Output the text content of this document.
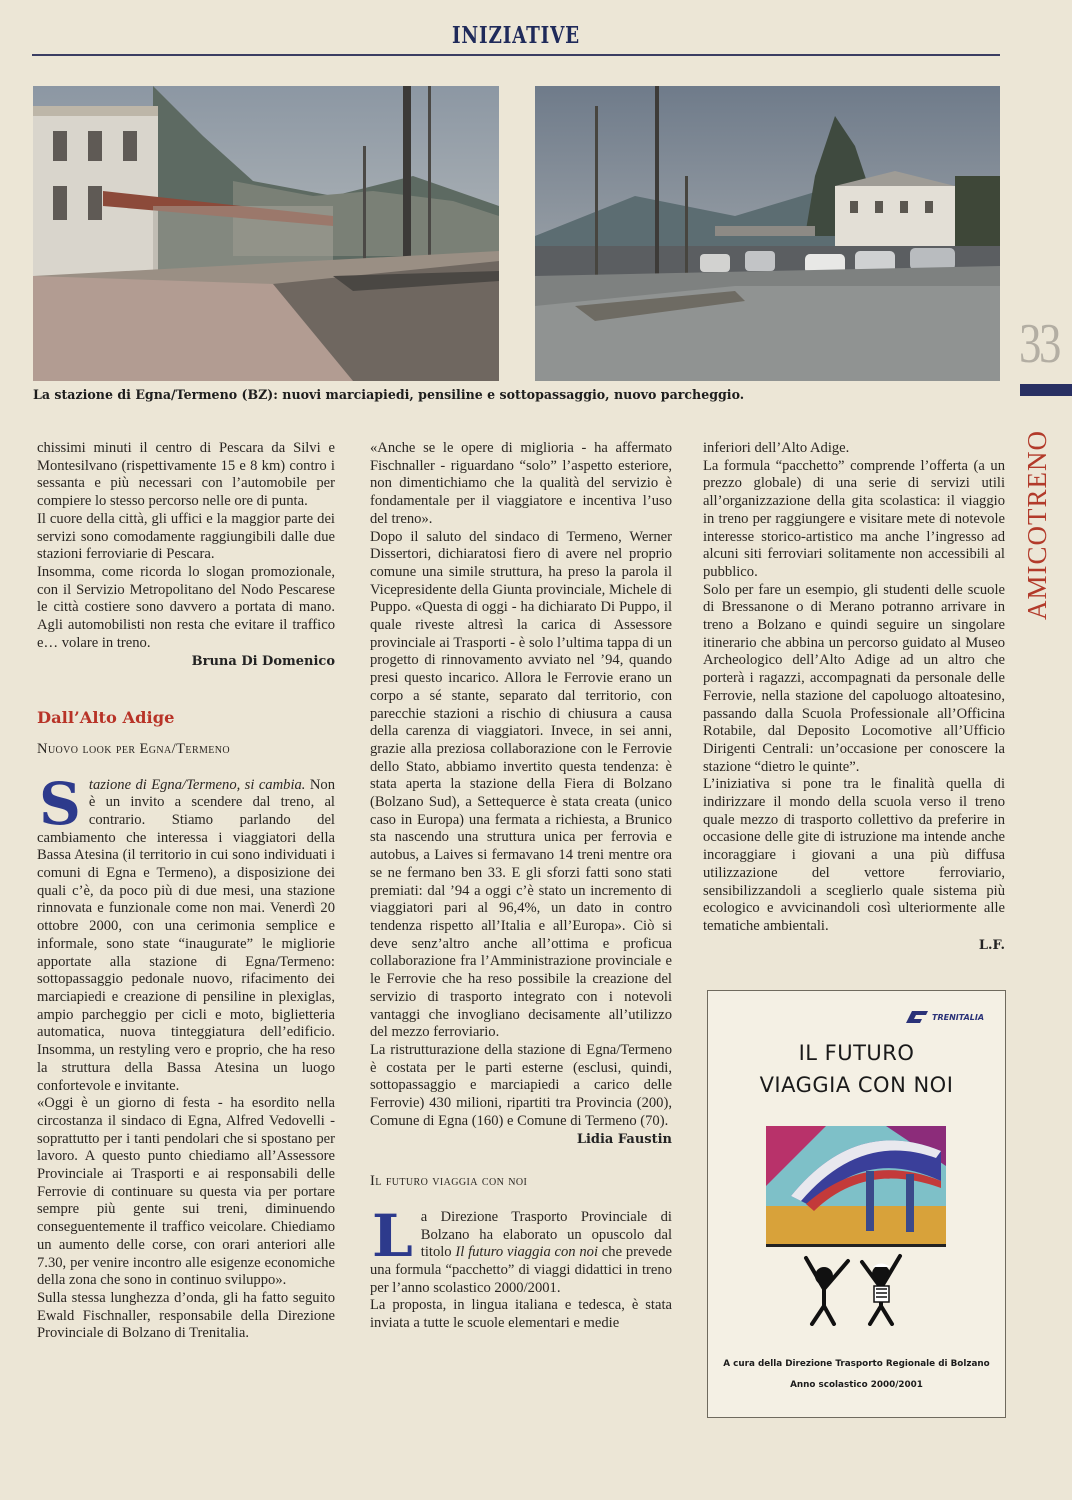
INIZIATIVE
La stazione di Egna/Termeno (BZ): nuovi marciapiedi, pensiline e sottopassaggio, nuovo parcheggio.
33
AMICOTRENO

chissimi minuti il centro di Pescara da Silvi e Montesilvano (rispettivamente 15 e 8 km) contro i sessanta e più necessari con l’automobile per compiere lo stesso percorso nelle ore di punta.

Il cuore della città, gli uffici e la maggior parte dei servizi sono comodamente raggiungibili dalle due stazioni ferroviarie di Pescara.

Insomma, come ricorda lo slogan promozionale, con il Servizio Metropolitano del Nodo Pescarese le città costiere sono davvero a portata di mano. Agli automobilisti non resta che evitare il traffico e… volare in treno.

Bruna Di Domenico
Dall’Alto Adige
Nuovo look per Egna/Termeno

Stazione di Egna/Termeno, si cambia. Non è un invito a scendere dal treno, al contrario. Stiamo parlando del cambiamento che interessa i viaggiatori della Bassa Atesina (il territorio in cui sono individuati i comuni di Egna e Termeno), a disposizione dei quali c’è, da poco più di due mesi, una stazione rinnovata e funzionale come non mai. Venerdì 20 ottobre 2000, con una cerimonia semplice e informale, sono state “inaugurate” le migliorie apportate alla stazione di Egna/Termeno: sottopassaggio pedonale nuovo, rifacimento dei marciapiedi e creazione di pensiline in plexiglas, ampio parcheggio per cicli e moto, biglietteria automatica, nuova tinteggiatura dell’edificio. Insomma, un restyling vero e proprio, che ha reso la struttura della Bassa Atesina un luogo confortevole e invitante.

«Oggi è un giorno di festa - ha esordito nella circostanza il sindaco di Egna, Alfred Vedovelli - soprattutto per i tanti pendolari che si spostano per lavoro. A questo punto chiediamo all’Assessore Provinciale ai Trasporti e ai responsabili delle Ferrovie di continuare su questa via per portare sempre più gente sui treni, diminuendo conseguentemente il traffico veicolare. Chiediamo un aumento delle corse, con orari anteriori alle 7.30, per venire incontro alle esigenze economiche della zona che sono in continuo sviluppo».

Sulla stessa lunghezza d’onda, gli ha fatto seguito Ewald Fischnaller, responsabile della Direzione Provinciale di Bolzano di Trenitalia.

«Anche se le opere di miglioria - ha affermato Fischnaller - riguardano “solo” l’aspetto esteriore, non dimentichiamo che la qualità del servizio è fondamentale per il viaggiatore e incentiva l’uso del treno».

Dopo il saluto del sindaco di Termeno, Werner Dissertori, dichiaratosi fiero di avere nel proprio comune una simile struttura, ha preso la parola il Vicepresidente della Giunta provinciale, Michele di Puppo. «Questa di oggi - ha dichiarato Di Puppo, il quale riveste altresì la carica di Assessore provinciale ai Trasporti - è solo l’ultima tappa di un progetto di rinnovamento avviato nel ’94, quando presi questo incarico. Allora le Ferrovie erano un corpo a sé stante, separato dal territorio, con parecchie stazioni a rischio di chiusura a causa della carenza di viaggiatori. Invece, in sei anni, grazie alla preziosa collaborazione con le Ferrovie dello Stato, abbiamo invertito questa tendenza: è stata aperta la stazione della Fiera di Bolzano (Bolzano Sud), a Settequerce è stata creata (unico caso in Europa) una fermata a richiesta, a Brunico sta nascendo una struttura unica per ferrovia e autobus, a Laives si fermavano 14 treni mentre ora se ne fermano ben 33. E gli sforzi fatti sono stati premiati: dal ’94 a oggi c’è stato un incremento di viaggiatori pari al 96,4%, un dato in contro tendenza rispetto all’Italia e all’Europa». Ciò si deve senz’altro anche all’ottima e proficua collaborazione fra l’Amministrazione provinciale e le Ferrovie che ha reso possibile la creazione del servizio di trasporto integrato con i notevoli vantaggi che invogliano decisamente all’utilizzo del mezzo ferroviario.

La ristrutturazione della stazione di Egna/Termeno è costata per le parti esterne (esclusi, quindi, sottopassaggio e marciapiedi a carico delle Ferrovie) 430 milioni, ripartiti tra Provincia (200), Comune di Egna (160) e Comune di Termeno (70).

Lidia Faustin
Il futuro viaggia con noi

La Direzione Trasporto Provinciale di Bolzano ha elaborato un opuscolo dal titolo Il futuro viaggia con noi che prevede una formula “pacchetto” di viaggi didattici in treno per l’anno scolastico 2000/2001.

La proposta, in lingua italiana e tedesca, è stata inviata a tutte le scuole elementari e medie

inferiori dell’Alto Adige.

La formula “pacchetto” comprende l’offerta (a un prezzo globale) di una serie di servizi utili all’organizzazione della gita scolastica: il viaggio in treno per raggiungere e visitare mete di notevole interesse storico-artistico ma anche l’ingresso ad alcuni siti ferroviari solitamente non accessibili al pubblico.

Solo per fare un esempio, gli studenti delle scuole di Bressanone o di Merano potranno arrivare in treno a Bolzano e quindi seguire un singolare itinerario che abbina un percorso guidato al Museo Archeologico dell’Alto Adige ad un altro che porterà i ragazzi, accompagnati da personale delle Ferrovie, nella stazione del capoluogo altoatesino, passando dalla Scuola Professionale all’Officina Rotabile, dal Deposito Locomotive all’Ufficio Dirigenti Centrali: un’occasione per conoscere la stazione “dietro le quinte”.

L’iniziativa si pone tra le finalità quella di indirizzare il mondo della scuola verso il treno quale mezzo di trasporto collettivo da preferire in occasione delle gite di istruzione ma intende anche incoraggiare i giovani a una più diffusa utilizzazione del vettore ferroviario, sensibilizzandoli a sceglierlo quale sistema più ecologico e avvicinandoli così ulteriormente alle tematiche ambientali.

L.F.
TRENITALIA
IL FUTURO
VIAGGIA CON NOI
A cura della Direzione Trasporto Regionale di Bolzano
Anno scolastico 2000/2001
